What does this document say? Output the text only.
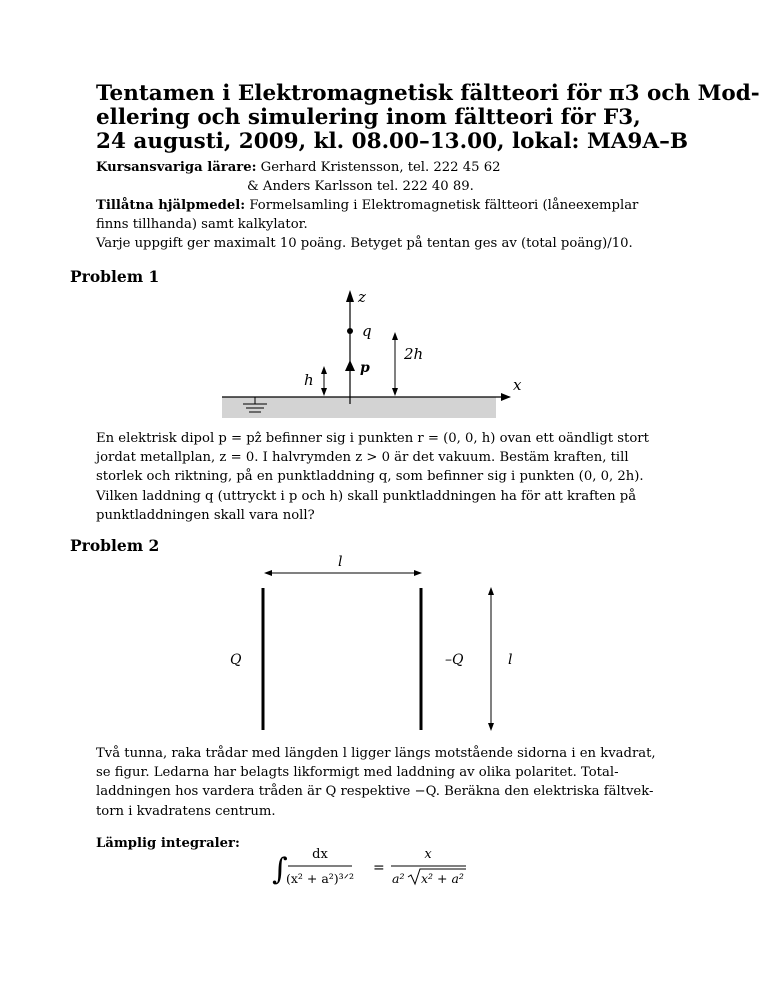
Tentamen i Elektromagnetisk fältteori för π3 och Mod-
ellering och simulering inom fältteori för F3,
24 augusti, 2009, kl. 08.00–13.00, lokal: MA9A–B
Kursansvariga lärare: Gerhard Kristensson, tel. 222 45 62
& Anders Karlsson tel. 222 40 89.
Tillåtna hjälpmedel: Formelsamling i Elektromagnetisk fältteori (låneexemplar
finns tillhanda) samt kalkylator.
Varje uppgift ger maximalt 10 poäng. Betyget på tentan ges av (total poäng)/10.
Problem 1
z
q
p
h
2h
x
l
Q	–Q	l
∫ dx
(x² + a²)³ᐟ²
=
x
a² x² + a²
En elektrisk dipol p = pẑ befinner sig i punkten r = (0, 0, h) ovan ett oändligt stort
jordat metallplan, z = 0. I halvrymden z > 0 är det vakuum. Bestäm kraften, till
storlek och riktning, på en punktladdning q, som befinner sig i punkten (0, 0, 2h).
Vilken laddning q (uttryckt i p och h) skall punktladdningen ha för att kraften på
punktladdningen skall vara noll?
Problem 2
Två tunna, raka trådar med längden l ligger längs motstående sidorna i en kvadrat,
se figur. Ledarna har belagts likformigt med laddning av olika polaritet. Total-
laddningen hos vardera tråden är Q respektive −Q. Beräkna den elektriska fältvek-
torn i kvadratens centrum.
Lämplig integraler:
